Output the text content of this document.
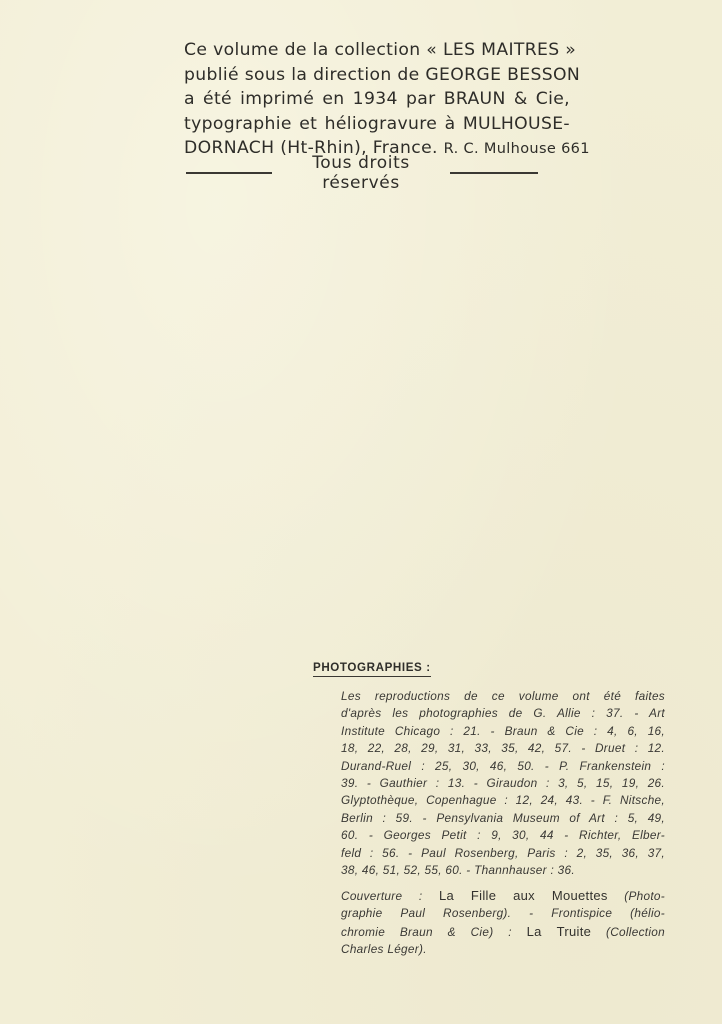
Ce volume de la collection « LES MAITRES »
publié sous la direction de GEORGE BESSON
a été imprimé en 1934 par BRAUN & Cie,
typographie et héliogravure à MULHOUSE-
DORNACH (Ht-Rhin), France. R. C. Mulhouse 661
Tous droits réservés
PHOTOGRAPHIES :
Les reproductions de ce volume ont été faites
d'après les photographies de G. Allie : 37. - Art
Institute Chicago : 21. - Braun & Cie : 4, 6, 16,
18, 22, 28, 29, 31, 33, 35, 42, 57. - Druet : 12.
Durand-Ruel : 25, 30, 46, 50. - P. Frankenstein :
39. - Gauthier : 13. - Giraudon : 3, 5, 15, 19, 26.
Glyptothèque, Copenhague : 12, 24, 43. - F. Nitsche,
Berlin : 59. - Pensylvania Museum of Art : 5, 49,
60. - Georges Petit : 9, 30, 44 - Richter, Elber-
feld : 56. - Paul Rosenberg, Paris : 2, 35, 36, 37,
38, 46, 51, 52, 55, 60. - Thannhauser : 36.
Couverture : La Fille aux Mouettes (Photo-
graphie Paul Rosenberg). - Frontispice (hélio-
chromie Braun & Cie) : La Truite (Collection
Charles Léger).
